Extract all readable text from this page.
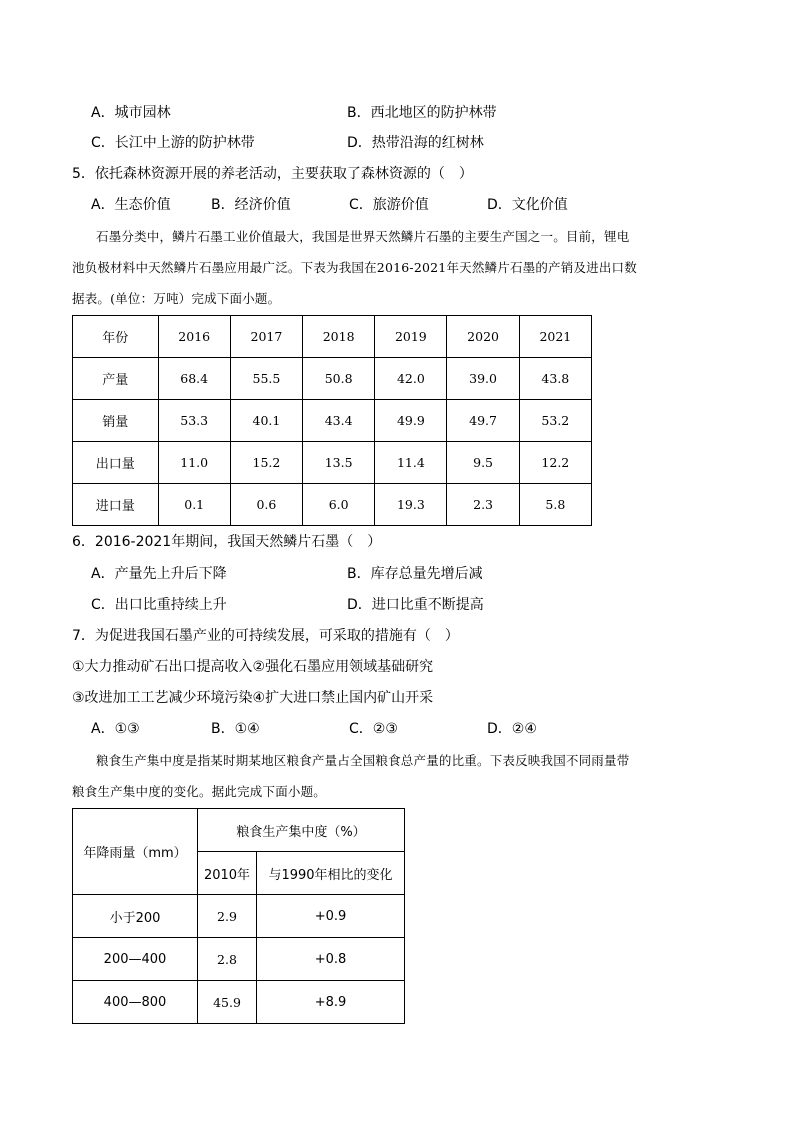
A．城市园林	B．西北地区的防护林带
C．长江中上游的防护林带	D．热带沿海的红树林
5．依托森林资源开展的养老活动，主要获取了森林资源的（　）
A．生态价值	B．经济价值	C．旅游价值	D．文化价值
石墨分类中，鳞片石墨工业价值最大，我国是世界天然鳞片石墨的主要生产国之一。目前，锂电
池负极材料中天然鳞片石墨应用最广泛。下表为我国在2016-2021年天然鳞片石墨的产销及进出口数
据表。(单位：万吨）完成下面小题。
年份	2016	2017	2018	2019	2020	2021
产量	68.4	55.5	50.8	42.0	39.0	43.8
销量	53.3	40.1	43.4	49.9	49.7	53.2
出口量	11.0	15.2	13.5	11.4	9.5	12.2
进口量	0.1	0.6	6.0	19.3	2.3	5.8
6．2016-2021年期间，我国天然鳞片石墨（　）
A．产量先上升后下降	B．库存总量先增后减
C．出口比重持续上升	D．进口比重不断提高
7．为促进我国石墨产业的可持续发展，可采取的措施有（　）
①大力推动矿石出口提高收入②强化石墨应用领域基础研究
③改进加工工艺减少环境污染④扩大进口禁止国内矿山开采
A．①③	B．①④	C．②③	D．②④
粮食生产集中度是指某时期某地区粮食产量占全国粮食总产量的比重。下表反映我国不同雨量带
粮食生产集中度的变化。据此完成下面小题。
年降雨量（mm）	粮食生产集中度（%）	
	2010年	与1990年相比的变化
小于200	2.9	+0.9
200—400	2.8	+0.8
400—800	45.9	+8.9
